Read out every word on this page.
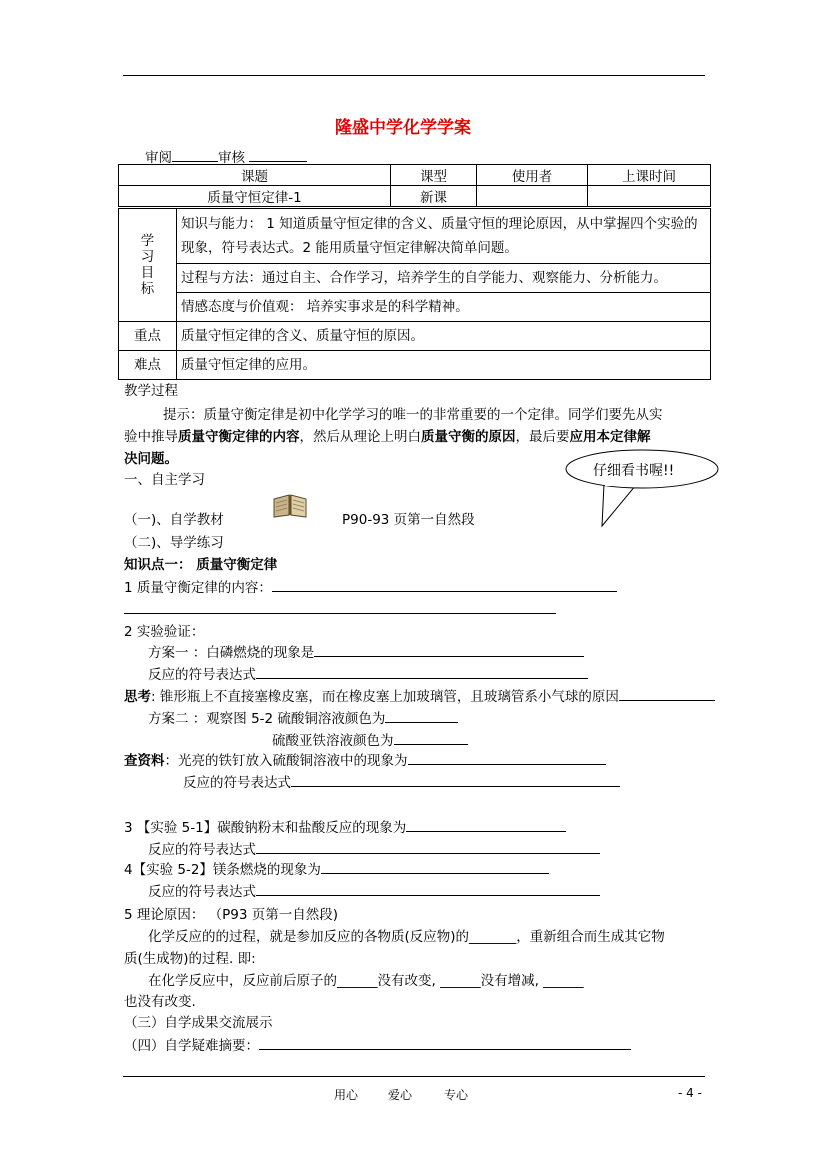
隆盛中学化学学案
_ 审阅	审核
课题	课型	使用者	上课时间
质量守恒定律-1	新课		
学
习
目
标	知识与能力： 1 知道质量守恒定律的含义、质量守恒的理论原因，从中掌握四个实验的现象，符号表达式。2 能用质量守恒定律解决简单问题。
	过程与方法：通过自主、合作学习，培养学生的自学能力、观察能力、分析能力。
	情感态度与价值观： 培养实事求是的科学精神。
重点	质量守恒定律的含义、质量守恒的原因。
难点	质量守恒定律的应用。
教学过程
提示：质量守衡定律是初中化学学习的唯一的非常重要的一个定律。同学们要先从实
验中推导质量守衡定律的内容，然后从理论上明白质量守衡的原因，最后要应用本定律解
决问题。
仔细看书喔!!
一、自主学习
（一)、自学教材	P90-93 页第一自然段
（二)、导学练习
知识点一： 质量守衡定律
1 质量守衡定律的内容：
2 实验验证：
方案一 ：白磷燃烧的现象是
反应的符号表达式
思考: 锥形瓶上不直接塞橡皮塞，而在橡皮塞上加玻璃管，且玻璃管系小气球的原因
方案二 ：观察图 5-2 硫酸铜溶液颜色为
硫酸亚铁溶液颜色为
查资料：光亮的铁钉放入硫酸铜溶液中的现象为
反应的符号表达式
3 【实验 5-1】碳酸钠粉末和盐酸反应的现象为
反应的符号表达式
4【实验 5-2】镁条燃烧的现象为
反应的符号表达式
5 理论原因： （P93 页第一自然段)
化学反应的的过程，就是参加反应的各物质(反应物)的_______，重新组合而生成其它物
质(生成物)的过程. 即:
在化学反应中，反应前后原子的______没有改变, ______没有增减, ______
也没有改变.
（三）自学成果交流展示
（四）自学疑难摘要：
用心 爱心	专心	- 4 -
